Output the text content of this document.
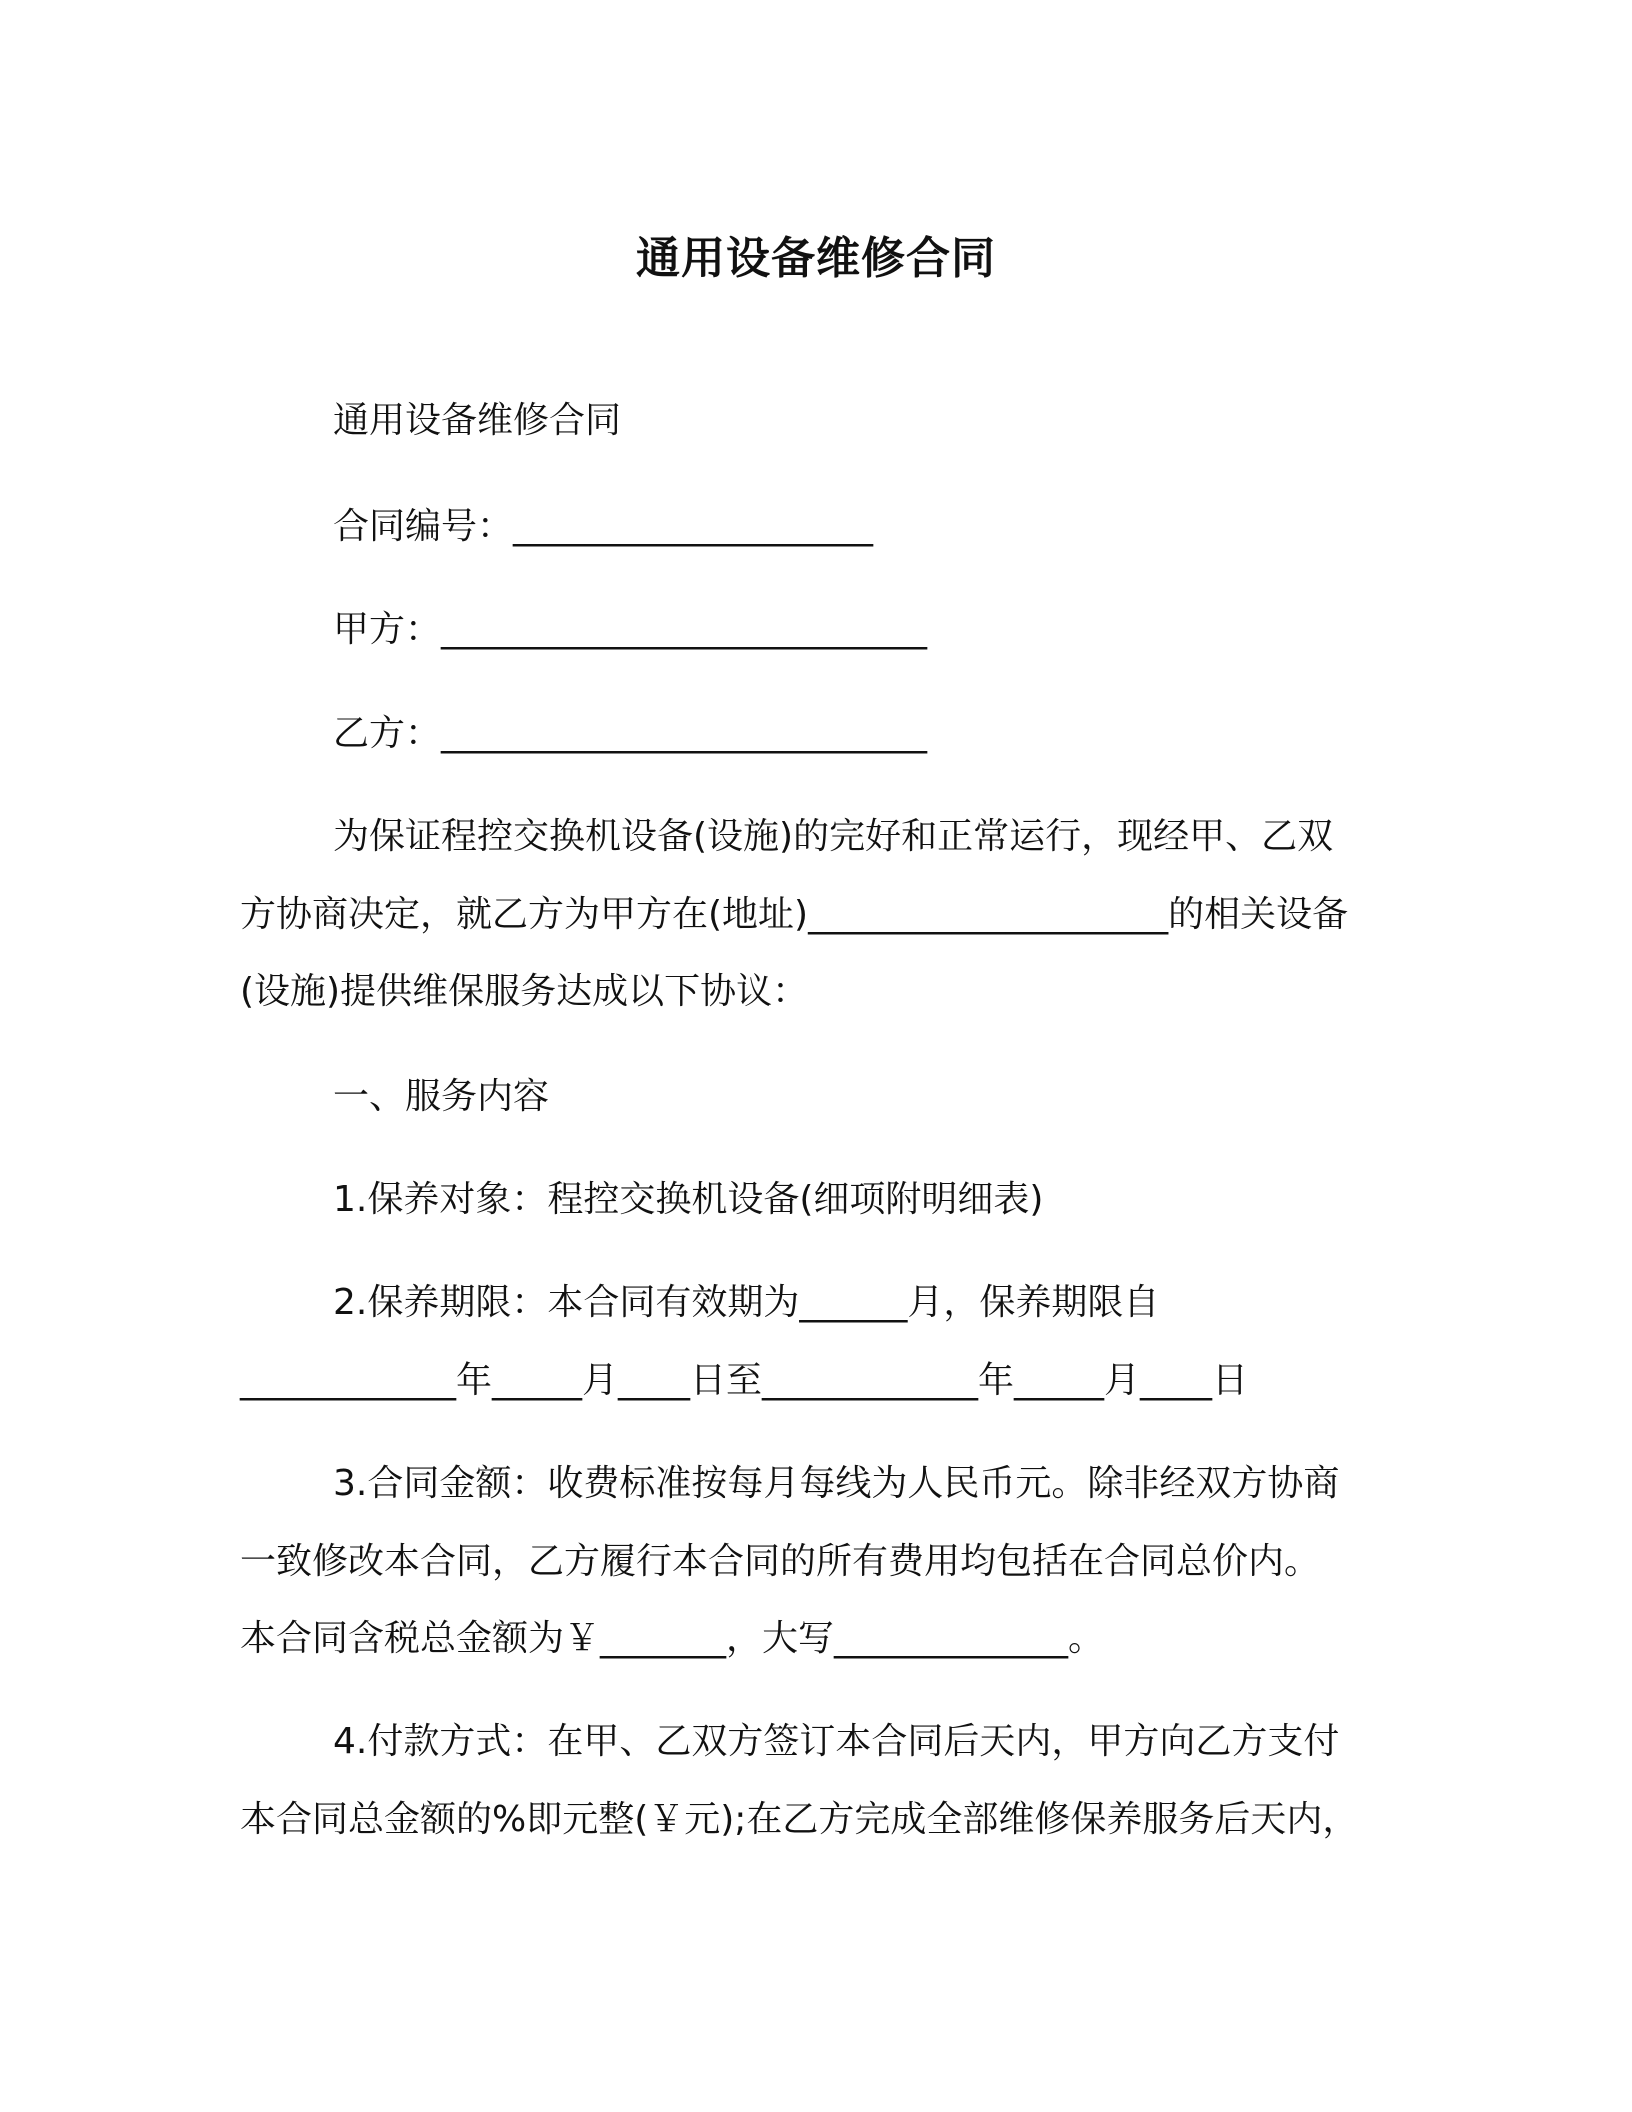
通用设备维修合同
通用设备维修合同
合同编号：____________________
甲方：___________________________
乙方：___________________________
为保证程控交换机设备(设施)的完好和正常运行，现经甲、乙双
方协商决定，就乙方为甲方在(地址)____________________的相关设备
(设施)提供维保服务达成以下协议：
一、服务内容
1.保养对象：程控交换机设备(细项附明细表)
2.保养期限：本合同有效期为______月，保养期限自
____________年_____月____日至____________年_____月____日
3.合同金额：收费标准按每月每线为人民币元。除非经双方协商
一致修改本合同，乙方履行本合同的所有费用均包括在合同总价内。
本合同含税总金额为￥_______，大写_____________。
4.付款方式：在甲、乙双方签订本合同后天内，甲方向乙方支付
本合同总金额的%即元整(￥元);在乙方完成全部维修保养服务后天内，
